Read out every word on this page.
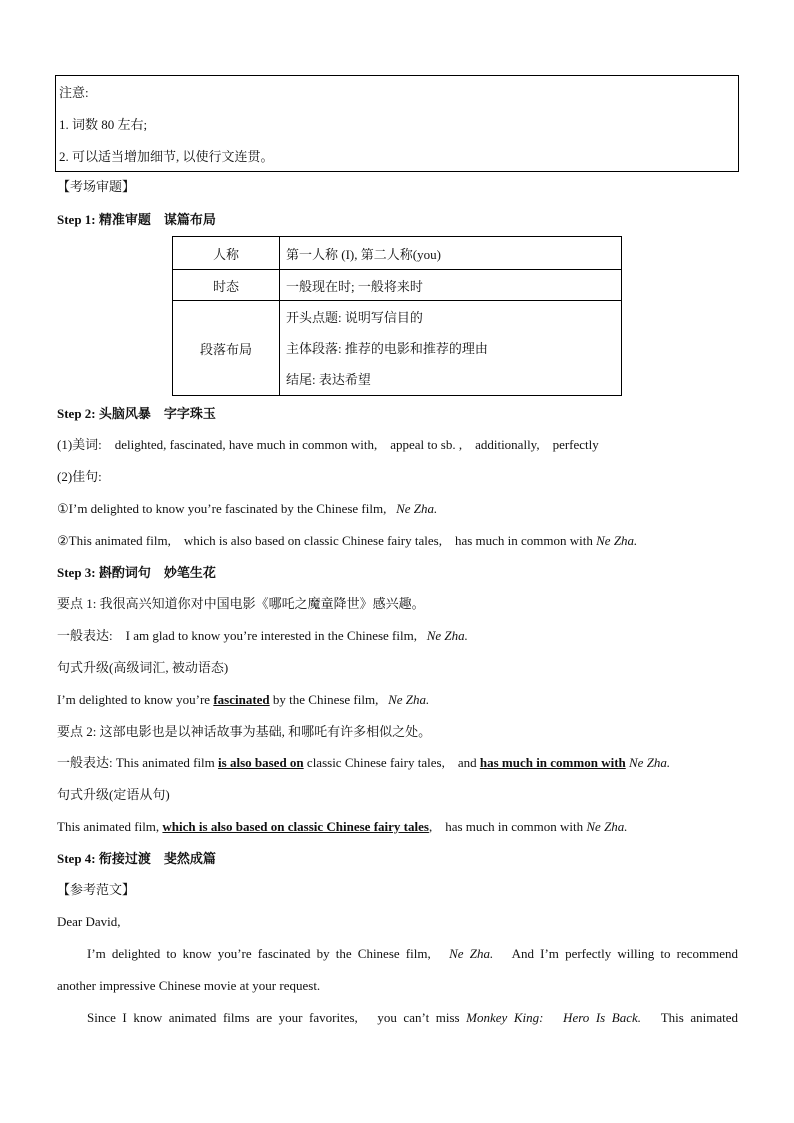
注意:
1. 词数 80 左右;
2. 可以适当增加细节, 以使行文连贯。
【考场审题】
Step 1: 精准审题　谋篇布局
人称	第一人称 (I), 第二人称(you)
时态	一般现在时; 一般将来时
段落布局	开头点题: 说明写信目的
主体段落: 推荐的电影和推荐的理由
结尾: 表达希望
Step 2: 头脑风暴　字字珠玉
(1)美词: delighted, fascinated, have much in common with,　appeal to sb. ,　additionally,　perfectly
(2)佳句:
①I’m delighted to know you’re fascinated by the Chinese film, Ne Zha.
②This animated film,　which is also based on classic Chinese fairy tales,　has much in common with Ne Zha.
Step 3: 斟酌词句　妙笔生花
要点 1: 我很高兴知道你对中国电影《哪吒之魔童降世》感兴趣。
一般表达:　I am glad to know you’re interested in the Chinese film, Ne Zha.
句式升级(高级词汇, 被动语态)
I’m delighted to know you’re fascinated by the Chinese film, Ne Zha.
要点 2: 这部电影也是以神话故事为基础, 和哪吒有许多相似之处。
一般表达: This animated film is also based on classic Chinese fairy tales,　and has much in common with Ne Zha.
句式升级(定语从句)
This animated film, which is also based on classic Chinese fairy tales,　has much in common with Ne Zha.
Step 4: 衔接过渡　斐然成篇
【参考范文】
Dear David,
I’m delighted to know you’re fascinated by the Chinese film, Ne Zha. And I’m perfectly willing to recommend
another impressive Chinese movie at your request.
Since I know animated films are your favorites,　you can’t miss Monkey King:　Hero Is Back. This animated
